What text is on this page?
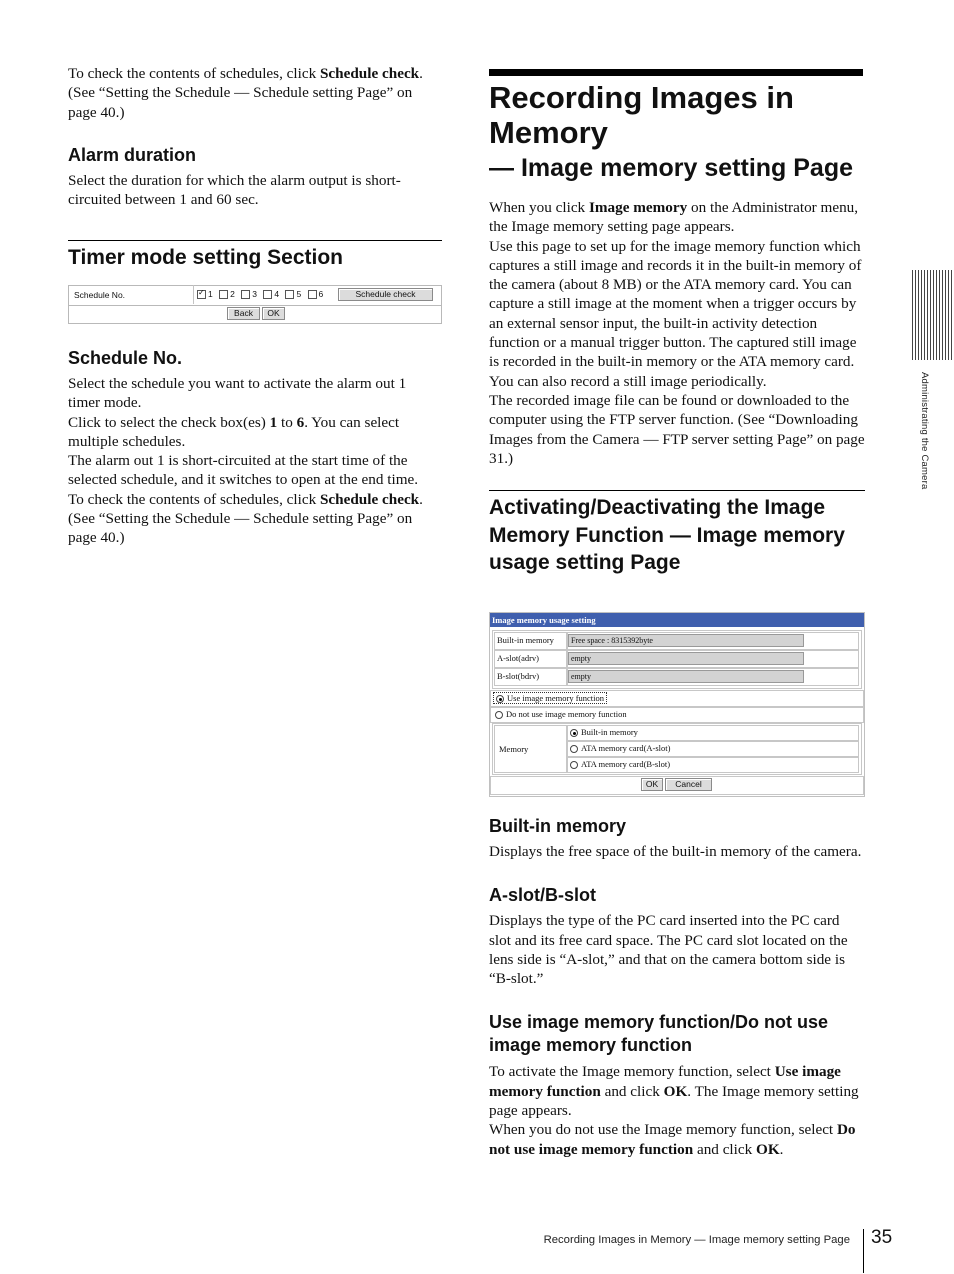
To check the contents of schedules, click Schedule check. (See “Setting the Schedule — Schedule setting Page” on page 40.)

Alarm duration

Select the duration for which the alarm output is short-circuited between 1 and 60 sec.

Timer mode setting Section
Schedule No.
✓	1 2 3 4 5 6	Schedule check
Back	OK
Schedule No.

Select the schedule you want to activate the alarm out 1 timer mode.

Click to select the check box(es) 1 to 6. You can select multiple schedules.

The alarm out 1 is short-circuited at the start time of the selected schedule, and it switches to open at the end time.

To check the contents of schedules, click Schedule check. (See “Setting the Schedule — Schedule setting Page” on page 40.)

Recording Images in
Memory
— Image memory setting Page

When you click Image memory on the Administrator menu, the Image memory setting page appears.

Use this page to set up for the image memory function which captures a still image and records it in the built-in memory of the camera (about 8 MB) or the ATA memory card. You can capture a still image at the moment when a trigger occurs by an external sensor input, the built-in activity detection function or a manual trigger button. The captured still image is recorded in the built-in memory or the ATA memory card. You can also record a still image periodically.

The recorded image file can be found or downloaded to the computer using the FTP server function. (See “Downloading Images from the Camera — FTP server setting Page” on page 31.)

Activating/Deactivating the Image Memory Function — Image memory usage setting Page
Image memory usage setting
Built-in memory
A-slot(adrv)
B-slot(bdrv)
Free space : 8315392byte
empty
empty
Use image memory function
Do not use image memory function
Memory
Built-in memory
ATA memory card(A-slot)
ATA memory card(B-slot)
OK	Cancel
Built-in memory

Displays the free space of the built-in memory of the camera.

A-slot/B-slot

Displays the type of the PC card inserted into the PC card slot and its free card space. The PC card slot located on the lens side is “A-slot,” and that on the camera bottom side is “B-slot.”

Use image memory function/Do not use image memory function

To activate the Image memory function, select Use image memory function and click OK. The Image memory setting page appears.

When you do not use the Image memory function, select Do not use image memory function and click OK.

Administrating the Camera
Recording Images in Memory — Image memory setting Page 35
